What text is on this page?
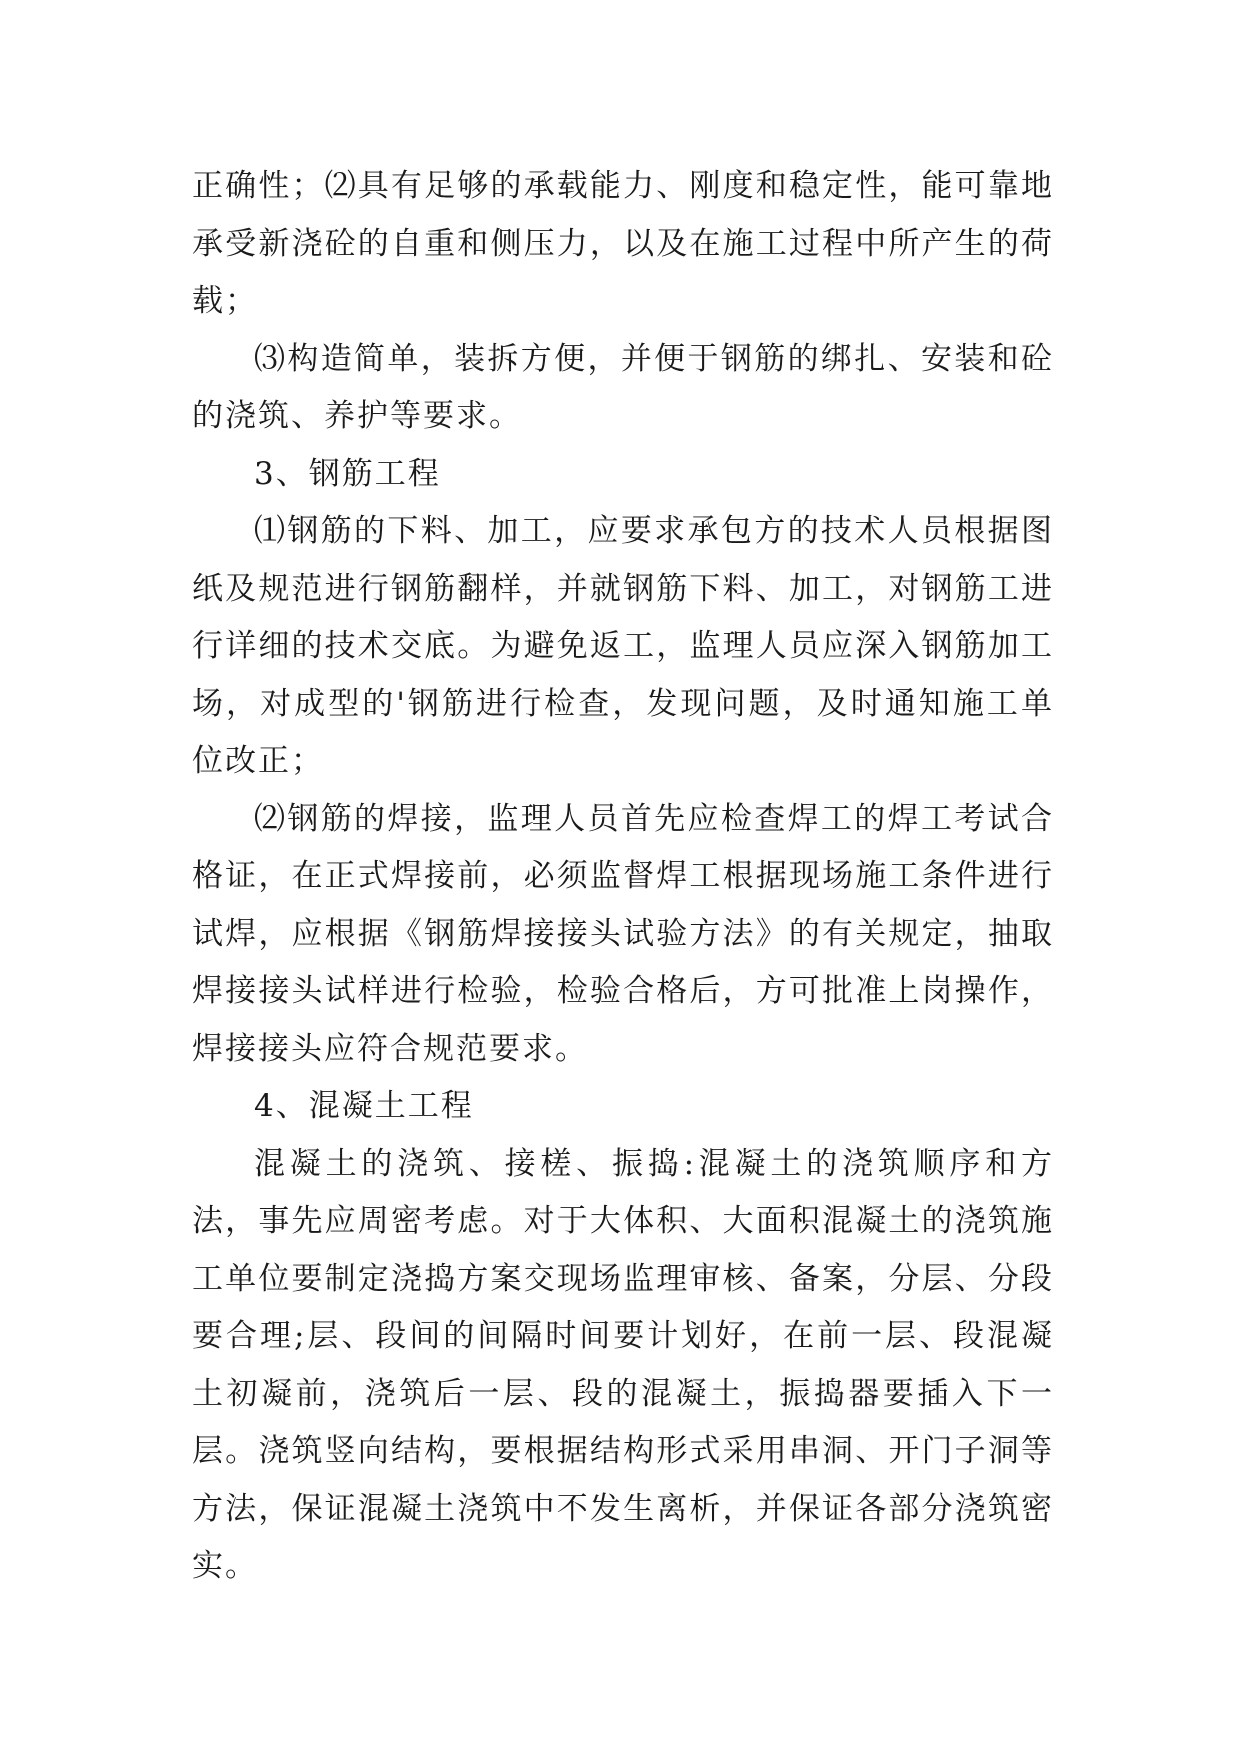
正确性；⑵具有足够的承载能力、刚度和稳定性，能可靠地承受新浇砼的自重和侧压力，以及在施工过程中所产生的荷载；

⑶构造简单，装拆方便，并便于钢筋的绑扎、安装和砼的浇筑、养护等要求。

3、钢筋工程

⑴钢筋的下料、加工，应要求承包方的技术人员根据图纸及规范进行钢筋翻样，并就钢筋下料、加工，对钢筋工进行详细的技术交底。为避免返工，监理人员应深入钢筋加工场，对成型的'钢筋进行检查，发现问题，及时通知施工单位改正；

⑵钢筋的焊接，监理人员首先应检查焊工的焊工考试合格证，在正式焊接前，必须监督焊工根据现场施工条件进行试焊，应根据《钢筋焊接接头试验方法》的有关规定，抽取焊接接头试样进行检验，检验合格后，方可批准上岗操作，焊接接头应符合规范要求。

4、混凝土工程

混凝土的浇筑、接槎、振捣:混凝土的浇筑顺序和方法，事先应周密考虑。对于大体积、大面积混凝土的浇筑施工单位要制定浇捣方案交现场监理审核、备案，分层、分段要合理;层、段间的间隔时间要计划好，在前一层、段混凝土初凝前，浇筑后一层、段的混凝土，振捣器要插入下一层。浇筑竖向结构，要根据结构形式采用串洞、开门子洞等方法，保证混凝土浇筑中不发生离析，并保证各部分浇筑密实。
